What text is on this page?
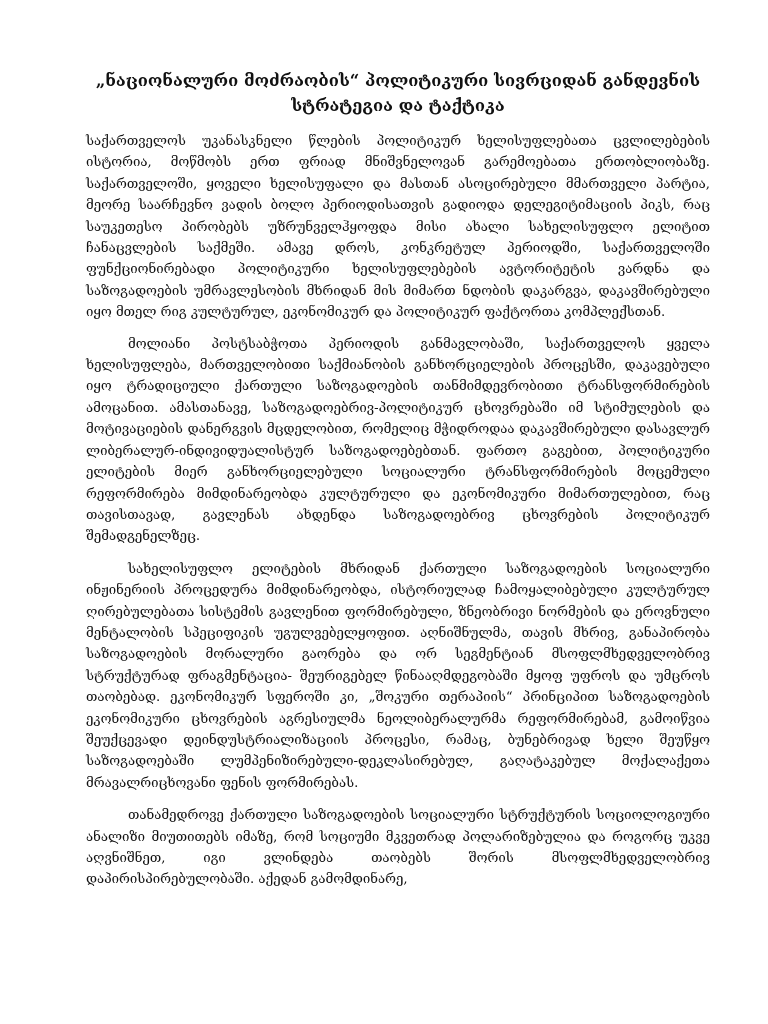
„ნაციონალური მოძრაობის“ პოლიტიკური სივრციდან განდევნის
სტრატეგია და ტაქტიკა

საქართველოს უკანასკნელი წლების პოლიტიკურ ხელისუფლებათა ცვლილებების ისტორია, მოწმობს ერთ ფრიად მნიშვნელოვან გარემოებათა ერთობლიობაზე. საქართველოში, ყოველი ხელისუფალი და მასთან ასოცირებული მმართველი პარტია, მეორე საარჩევნო ვადის ბოლო პერიოდისათვის გადიოდა დელეგიტიმაციის პიკს, რაც საუკეთესო პირობებს უზრუნველჰყოფდა მისი ახალი სახელისუფლო ელიტით ჩანაცვლების საქმეში. ამავე დროს, კონკრეტულ პერიოდში, საქართველოში ფუნქციონირებადი პოლიტიკური ხელისუფლებების ავტორიტეტის ვარდნა და საზოგადოების უმრავლესობის მხრიდან მის მიმართ ნდობის დაკარგვა, დაკავშირებული იყო მთელ რიგ კულტურულ, ეკონომიკურ და პოლიტიკურ ფაქტორთა კომპლექსთან.

მოლიანი პოსტსაბჭოთა პერიოდის განმავლობაში, საქართველოს ყველა ხელისუფლება, მართველობითი საქმიანობის განხორციელების პროცესში, დაკავებული იყო ტრადიციული ქართული საზოგადოების თანმიმდევრობითი ტრანსფორმირების ამოცანით. ამასთანავე, საზოგადოებრივ-პოლიტიკურ ცხოვრებაში იმ სტიმულების და მოტივაციების დანერგვის მცდელობით, რომელიც მჭიდროდაა დაკავშირებული დასავლურ ლიბერალურ-ინდივიდუალისტურ საზოგადოებებთან. ფართო გაგებით, პოლიტიკური ელიტების მიერ განხორციელებული სოციალური ტრანსფორმირების მოცემული რეფორმირება მიმდინარეობდა კულტურული და ეკონომიკური მიმართულებით, რაც თავისთავად, გავლენას ახდენდა საზოგადოებრივ ცხოვრების პოლიტიკურ შემადგენელზეც.

სახელისუფლო ელიტების მხრიდან ქართული საზოგადოების სოციალური ინჟინერიის პროცედურა მიმდინარეობდა, ისტორიულად ჩამოყალიბებული კულტურულ ღირებულებათა სისტემის გავლენით ფორმირებული, ზნეობრივი ნორმების და ეროვნული მენტალობის სპეციფიკის უგულვებელყოფით. აღნიშნულმა, თავის მხრივ, განაპირობა საზოგადოების მორალური გაორება და ორ სეგმენტიან მსოფლმხედველობრივ სტრუქტურად ფრაგმენტაცია- შეურიგებელ წინააღმდეგობაში მყოფ უფროს და უმცროს თაობებად. ეკონომიკურ სფეროში კი, „შოკური თერაპიის“ პრინციპით საზოგადოების ეკონომიკური ცხოვრების აგრესიულმა ნეოლიბერალურმა რეფორმირებამ, გამოიწვია შეუქცევადი დეინდუსტრიალიზაციის პროცესი, რამაც, ბუნებრივად ხელი შეუწყო საზოგადოებაში ლუმპენიზირებული-დეკლასირებულ, გაღატაკებულ მოქალაქეთა მრავალრიცხოვანი ფენის ფორმირებას.

თანამედროვე ქართული საზოგადოების სოციალური სტრუქტურის სოციოლოგიური ანალიზი მიუთითებს იმაზე, რომ სოციუმი მკვეთრად პოლარიზებულია და როგორც უკვე აღვნიშნეთ, იგი ვლინდება თაობებს შორის მსოფლმხედველობრივ დაპირისპირებულობაში. აქედან გამომდინარე,
